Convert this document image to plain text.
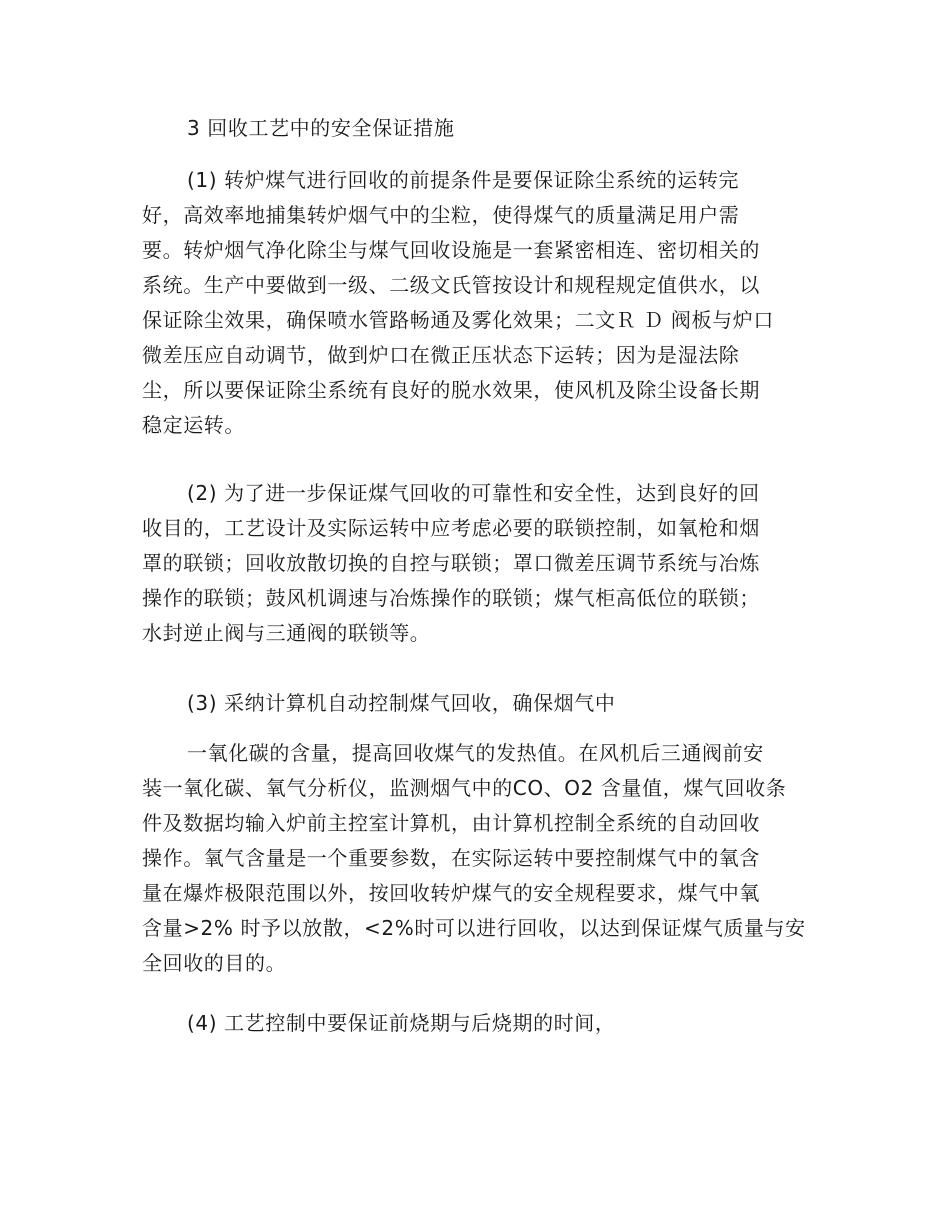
3 回收工艺中的安全保证措施
(1) 转炉煤气进行回收的前提条件是要保证除尘系统的运转完
好，高效率地捕集转炉烟气中的尘粒，使得煤气的质量满足用户需
要。转炉烟气净化除尘与煤气回收设施是一套紧密相连、密切相关的
系统。生产中要做到一级、二级文氏管按设计和规程规定值供水，以
保证除尘效果，确保喷水管路畅通及雾化效果；二文Ｒ Ｄ 阀板与炉口
微差压应自动调节，做到炉口在微正压状态下运转；因为是湿法除
尘，所以要保证除尘系统有良好的脱水效果，使风机及除尘设备长期
稳定运转。
(2) 为了进一步保证煤气回收的可靠性和安全性，达到良好的回
收目的，工艺设计及实际运转中应考虑必要的联锁控制，如氧枪和烟
罩的联锁；回收放散切换的自控与联锁；罩口微差压调节系统与冶炼
操作的联锁；鼓风机调速与冶炼操作的联锁；煤气柜高低位的联锁；
水封逆止阀与三通阀的联锁等。
(3) 采纳计算机自动控制煤气回收，确保烟气中
一氧化碳的含量，提高回收煤气的发热值。在风机后三通阀前安
装一氧化碳、氧气分析仪，监测烟气中的CO、O2 含量值，煤气回收条
件及数据均输入炉前主控室计算机，由计算机控制全系统的自动回收
操作。氧气含量是一个重要参数，在实际运转中要控制煤气中的氧含
量在爆炸极限范围以外，按回收转炉煤气的安全规程要求，煤气中氧
含量>2% 时予以放散，<2%时可以进行回收，以达到保证煤气质量与安
全回收的目的。
(4) 工艺控制中要保证前烧期与后烧期的时间，
